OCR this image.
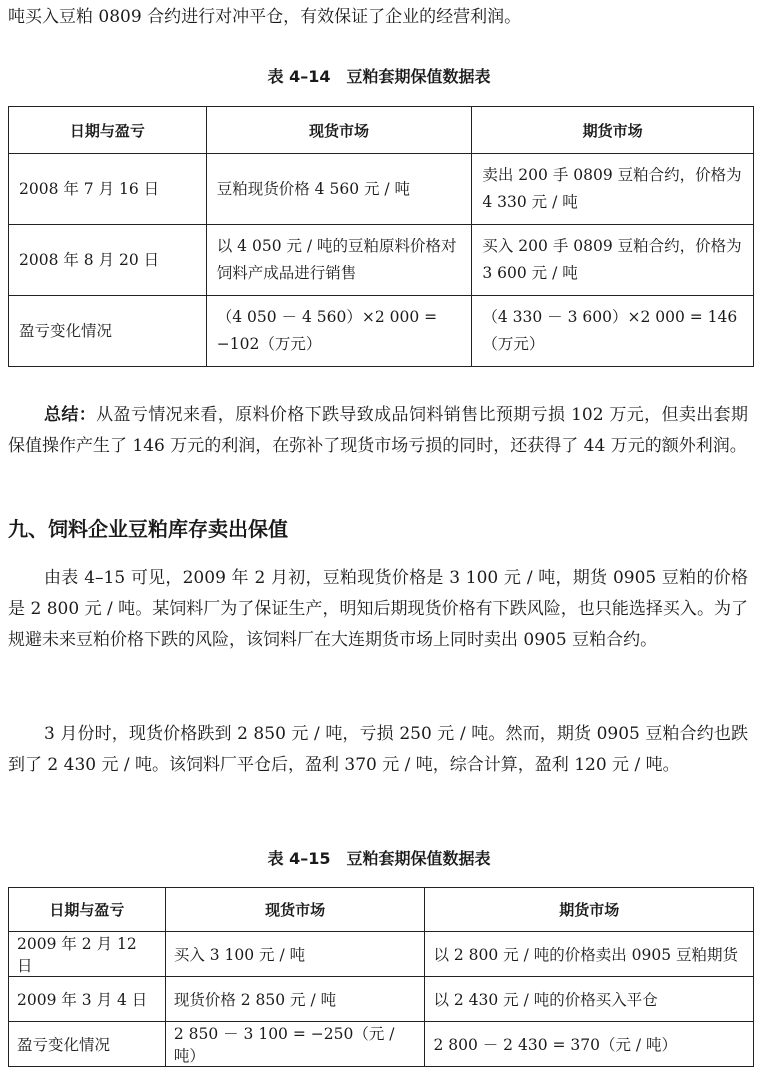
吨买入豆粕 0809 合约进行对冲平仓，有效保证了企业的经营利润。

表 4–14 豆粕套期保值数据表
日期与盈亏	现货市场	期货市场
2008 年 7 月 16 日	豆粕现货价格 4 560 元 / 吨	卖出 200 手 0809 豆粕合约，价格为 4 330 元 / 吨
2008 年 8 月 20 日	以 4 050 元 / 吨的豆粕原料价格对饲料产成品进行销售	买入 200 手 0809 豆粕合约，价格为 3 600 元 / 吨
盈亏变化情况	（4 050 － 4 560）×2 000 = −102（万元）	（4 330 － 3 600）×2 000 = 146（万元）

总结：从盈亏情况来看，原料价格下跌导致成品饲料销售比预期亏损 102 万元，但卖出套期保值操作产生了 146 万元的利润，在弥补了现货市场亏损的同时，还获得了 44 万元的额外利润。

九、饲料企业豆粕库存卖出保值

由表 4–15 可见，2009 年 2 月初，豆粕现货价格是 3 100 元 / 吨，期货 0905 豆粕的价格是 2 800 元 / 吨。某饲料厂为了保证生产，明知后期现货价格有下跌风险，也只能选择买入。为了规避未来豆粕价格下跌的风险，该饲料厂在大连期货市场上同时卖出 0905 豆粕合约。

3 月份时，现货价格跌到 2 850 元 / 吨，亏损 250 元 / 吨。然而，期货 0905 豆粕合约也跌到了 2 430 元 / 吨。该饲料厂平仓后，盈利 370 元 / 吨，综合计算，盈利 120 元 / 吨。

表 4–15 豆粕套期保值数据表
日期与盈亏	现货市场	期货市场
2009 年 2 月 12 日	买入 3 100 元 / 吨	以 2 800 元 / 吨的价格卖出 0905 豆粕期货
2009 年 3 月 4 日	现货价格 2 850 元 / 吨	以 2 430 元 / 吨的价格买入平仓
盈亏变化情况	2 850 － 3 100 = −250（元 / 吨）	2 800 － 2 430 = 370（元 / 吨）
